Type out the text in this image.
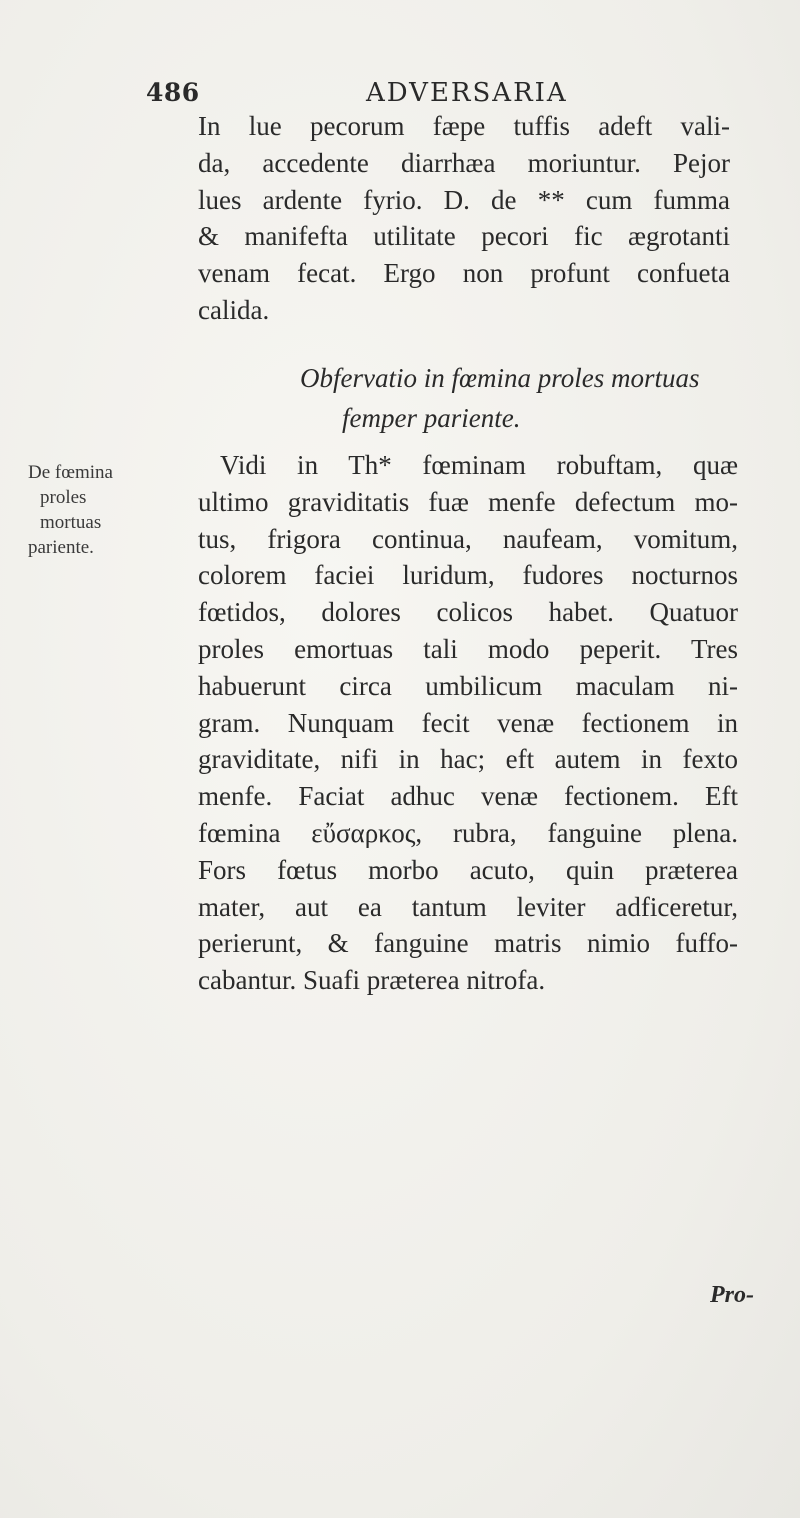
486	ADVERSARIA
In lue pecorum fæpe tuffis adeft vali-
da, accedente diarrhæa moriuntur. Pejor
lues ardente fyrio. D. de ** cum fumma
& manifefta utilitate pecori fic ægrotanti
venam fecat. Ergo non profunt confueta
calida.
Obfervatio in fœmina proles mortuas
femper pariente.
De fœmina
proles
mortuas
pariente.
Vidi in Th* fœminam robuftam, quæ
ultimo graviditatis fuæ menfe defectum mo-
tus, frigora continua, naufeam, vomitum,
colorem faciei luridum, fudores nocturnos
fœtidos, dolores colicos habet. Quatuor
proles emortuas tali modo peperit. Tres
habuerunt circa umbilicum maculam ni-
gram. Nunquam fecit venæ fectionem in
graviditate, nifi in hac; eft autem in fexto
menfe. Faciat adhuc venæ fectionem. Eft
fœmina εὔσαρκος, rubra, fanguine plena.
Fors fœtus morbo acuto, quin præterea
mater, aut ea tantum leviter adficeretur,
perierunt, & fanguine matris nimio fuffo-
cabantur. Suafi præterea nitrofa.
Pro-
